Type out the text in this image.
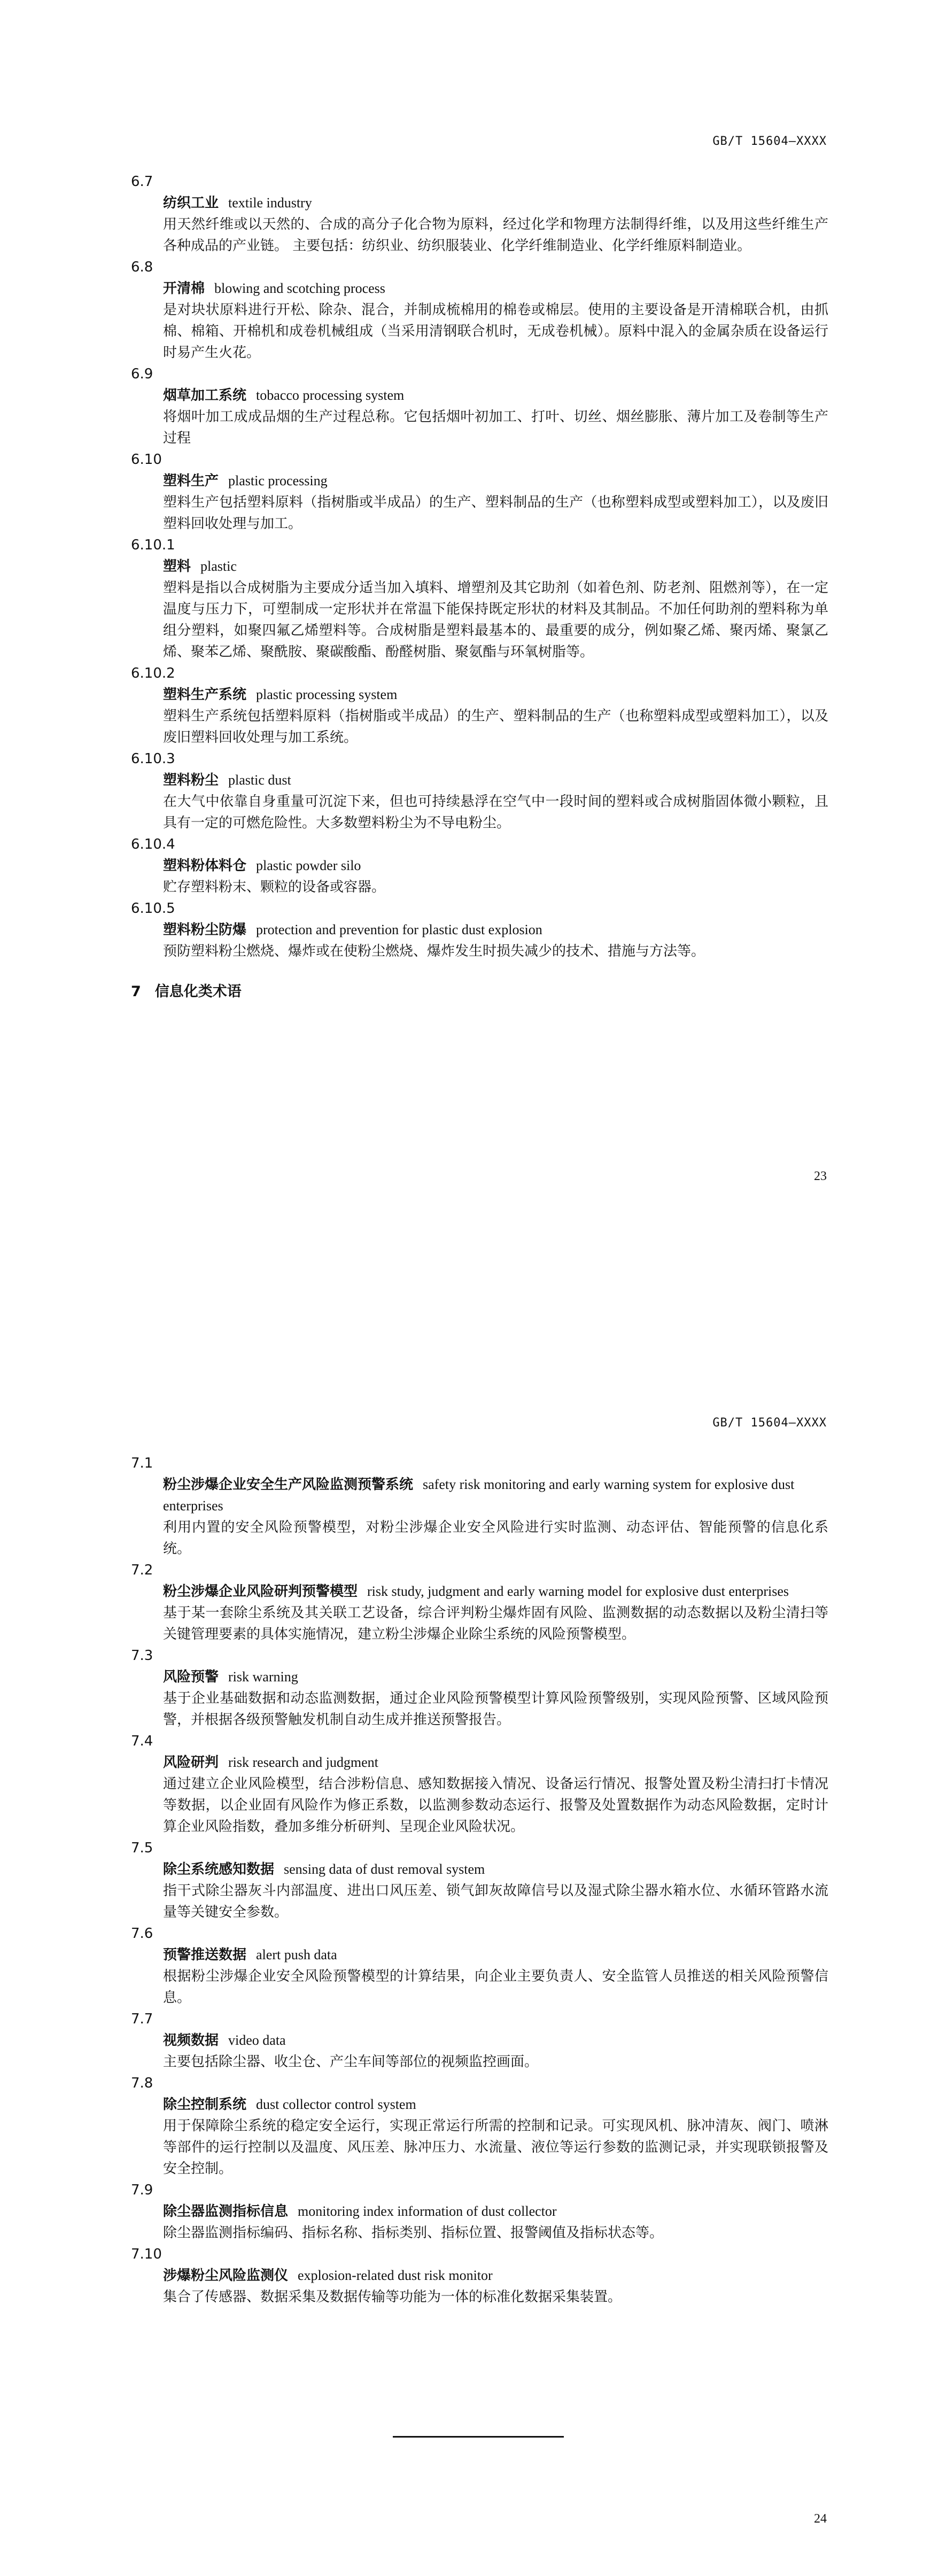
GB/T 15604—XXXX
6.7
纺织工业 textile industry
用天然纤维或以天然的、合成的高分子化合物为原料，经过化学和物理方法制得纤维，以及用这些纤维生产各种成品的产业链。 主要包括：纺织业、纺织服装业、化学纤维制造业、化学纤维原料制造业。
6.8
开清棉 blowing and scotching process
是对块状原料进行开松、除杂、混合，并制成梳棉用的棉卷或棉层。使用的主要设备是开清棉联合机，由抓棉、棉箱、开棉机和成卷机械组成（当采用清钢联合机时，无成卷机械）。原料中混入的金属杂质在设备运行时易产生火花。
6.9
烟草加工系统 tobacco processing system
将烟叶加工成成品烟的生产过程总称。它包括烟叶初加工、打叶、切丝、烟丝膨胀、薄片加工及卷制等生产过程
6.10
塑料生产 plastic processing
塑料生产包括塑料原料（指树脂或半成品）的生产、塑料制品的生产（也称塑料成型或塑料加工），以及废旧塑料回收处理与加工。
6.10.1
塑料 plastic
塑料是指以合成树脂为主要成分适当加入填料、增塑剂及其它助剂（如着色剂、防老剂、阻燃剂等），在一定温度与压力下，可塑制成一定形状并在常温下能保持既定形状的材料及其制品。不加任何助剂的塑料称为单组分塑料，如聚四氟乙烯塑料等。合成树脂是塑料最基本的、最重要的成分，例如聚乙烯、聚丙烯、聚氯乙烯、聚苯乙烯、聚酰胺、聚碳酸酯、酚醛树脂、聚氨酯与环氧树脂等。
6.10.2
塑料生产系统 plastic processing system
塑料生产系统包括塑料原料（指树脂或半成品）的生产、塑料制品的生产（也称塑料成型或塑料加工），以及废旧塑料回收处理与加工系统。
6.10.3
塑料粉尘 plastic dust
在大气中依靠自身重量可沉淀下来，但也可持续悬浮在空气中一段时间的塑料或合成树脂固体微小颗粒，且具有一定的可燃危险性。大多数塑料粉尘为不导电粉尘。
6.10.4
塑料粉体料仓 plastic powder silo
贮存塑料粉末、颗粒的设备或容器。
6.10.5
塑料粉尘防爆 protection and prevention for plastic dust explosion
预防塑料粉尘燃烧、爆炸或在使粉尘燃烧、爆炸发生时损失减少的技术、措施与方法等。
7 信息化类术语
23
GB/T 15604—XXXX
7.1
粉尘涉爆企业安全生产风险监测预警系统 safety risk monitoring and early warning system for explosive dust enterprises
利用内置的安全风险预警模型，对粉尘涉爆企业安全风险进行实时监测、动态评估、智能预警的信息化系统。
7.2
粉尘涉爆企业风险研判预警模型 risk study, judgment and early warning model for explosive dust enterprises
基于某一套除尘系统及其关联工艺设备，综合评判粉尘爆炸固有风险、监测数据的动态数据以及粉尘清扫等关键管理要素的具体实施情况，建立粉尘涉爆企业除尘系统的风险预警模型。
7.3
风险预警 risk warning
基于企业基础数据和动态监测数据，通过企业风险预警模型计算风险预警级别，实现风险预警、区域风险预警，并根据各级预警触发机制自动生成并推送预警报告。
7.4
风险研判 risk research and judgment
通过建立企业风险模型，结合涉粉信息、感知数据接入情况、设备运行情况、报警处置及粉尘清扫打卡情况等数据，以企业固有风险作为修正系数，以监测参数动态运行、报警及处置数据作为动态风险数据，定时计算企业风险指数，叠加多维分析研判、呈现企业风险状况。
7.5
除尘系统感知数据 sensing data of dust removal system
指干式除尘器灰斗内部温度、进出口风压差、锁气卸灰故障信号以及湿式除尘器水箱水位、水循环管路水流量等关键安全参数。
7.6
预警推送数据 alert push data
根据粉尘涉爆企业安全风险预警模型的计算结果，向企业主要负责人、安全监管人员推送的相关风险预警信息。
7.7
视频数据 video data
主要包括除尘器、收尘仓、产尘车间等部位的视频监控画面。
7.8
除尘控制系统 dust collector control system
用于保障除尘系统的稳定安全运行，实现正常运行所需的控制和记录。可实现风机、脉冲清灰、阀门、喷淋等部件的运行控制以及温度、风压差、脉冲压力、水流量、液位等运行参数的监测记录，并实现联锁报警及安全控制。
7.9
除尘器监测指标信息 monitoring index information of dust collector
除尘器监测指标编码、指标名称、指标类别、指标位置、报警阈值及指标状态等。
7.10
涉爆粉尘风险监测仪 explosion-related dust risk monitor
集合了传感器、数据采集及数据传输等功能为一体的标准化数据采集装置。
24
